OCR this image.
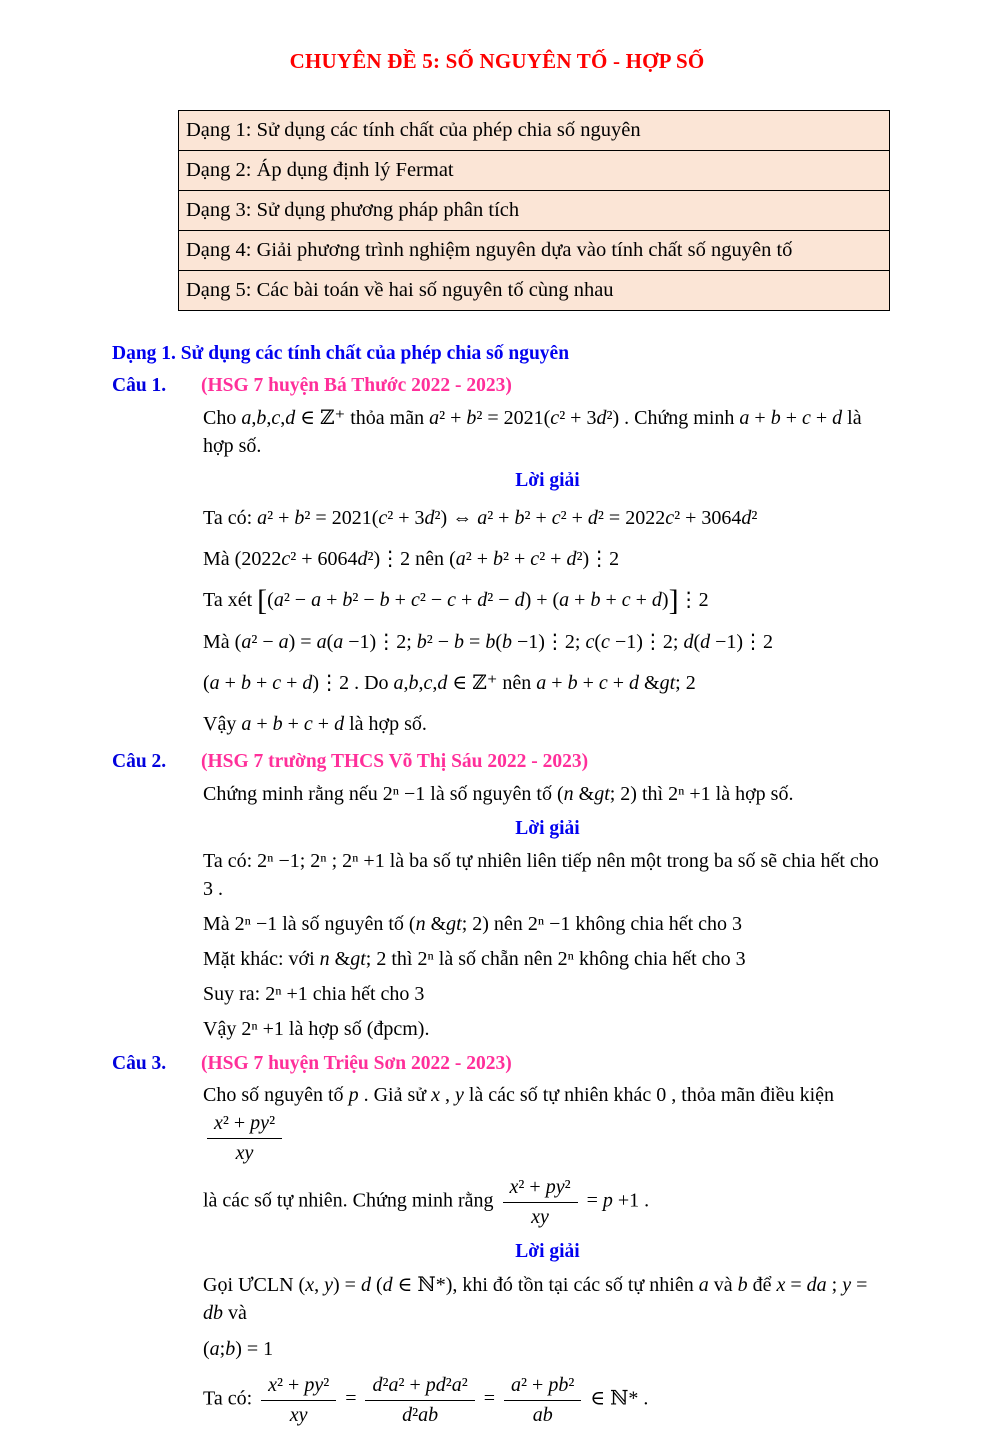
CHUYÊN ĐỀ 5: SỐ NGUYÊN TỐ - HỢP SỐ
Dạng 1: Sử dụng các tính chất của phép chia số nguyên
Dạng 2: Áp dụng định lý Fermat
Dạng 3: Sử dụng phương pháp phân tích
Dạng 4: Giải phương trình nghiệm nguyên dựa vào tính chất số nguyên tố
Dạng 5: Các bài toán về hai số nguyên tố cùng nhau
Dạng 1. Sử dụng các tính chất của phép chia số nguyên
Câu 1. (HSG 7 huyện Bá Thước 2022 - 2023)
Cho a,b,c,d ∈ ℤ⁺ thỏa mãn a² + b² = 2021(c² + 3d²) . Chứng minh a + b + c + d là hợp số.
Lời giải
Ta có: a² + b² = 2021(c² + 3d²) ⇔ a² + b² + c² + d² = 2022c² + 3064d²
Mà (2022c² + 6064d²)⋮2 nên (a² + b² + c² + d²)⋮2
Ta xét [(a² − a + b² − b + c² − c + d² − d) + (a + b + c + d)]⋮2
Mà (a² − a) = a(a −1)⋮2; b² − b = b(b −1)⋮2; c(c −1)⋮2; d(d −1)⋮2
(a + b + c + d)⋮2 . Do a,b,c,d ∈ ℤ⁺ nên a + b + c + d &gt; 2
Vậy a + b + c + d là hợp số.
Câu 2. (HSG 7 trường THCS Võ Thị Sáu 2022 - 2023)
Chứng minh rằng nếu 2ⁿ −1 là số nguyên tố (n &gt; 2) thì 2ⁿ +1 là hợp số.
Lời giải
Ta có: 2ⁿ −1; 2ⁿ ; 2ⁿ +1 là ba số tự nhiên liên tiếp nên một trong ba số sẽ chia hết cho 3 .
Mà 2ⁿ −1 là số nguyên tố (n &gt; 2) nên 2ⁿ −1 không chia hết cho 3
Mặt khác: với n &gt; 2 thì 2ⁿ là số chẵn nên 2ⁿ không chia hết cho 3
Suy ra: 2ⁿ +1 chia hết cho 3
Vậy 2ⁿ +1 là hợp số (đpcm).
Câu 3. (HSG 7 huyện Triệu Sơn 2022 - 2023)
Cho số nguyên tố p . Giả sử x , y là các số tự nhiên khác 0 , thỏa mãn điều kiện
$\frac{\text{x² + py²}}{xy}$
là các số tự nhiên. Chứng minh rằng $\frac{\text{x² + py²}}{xy} = p +1$ .
Lời giải
Gọi ƯCLN (x, y) = d (d ∈ ℕ*), khi đó tồn tại các số tự nhiên a và b để x = da ; y = db và
(a;b) = 1
Ta có: $\frac{\text{x² + py²}}{xy} = \frac{\text{d²a² + pd²a²}}{\text{d²ab}} = \frac{\text{a² + pb²}}{ab}$ ∈ ℕ* .
